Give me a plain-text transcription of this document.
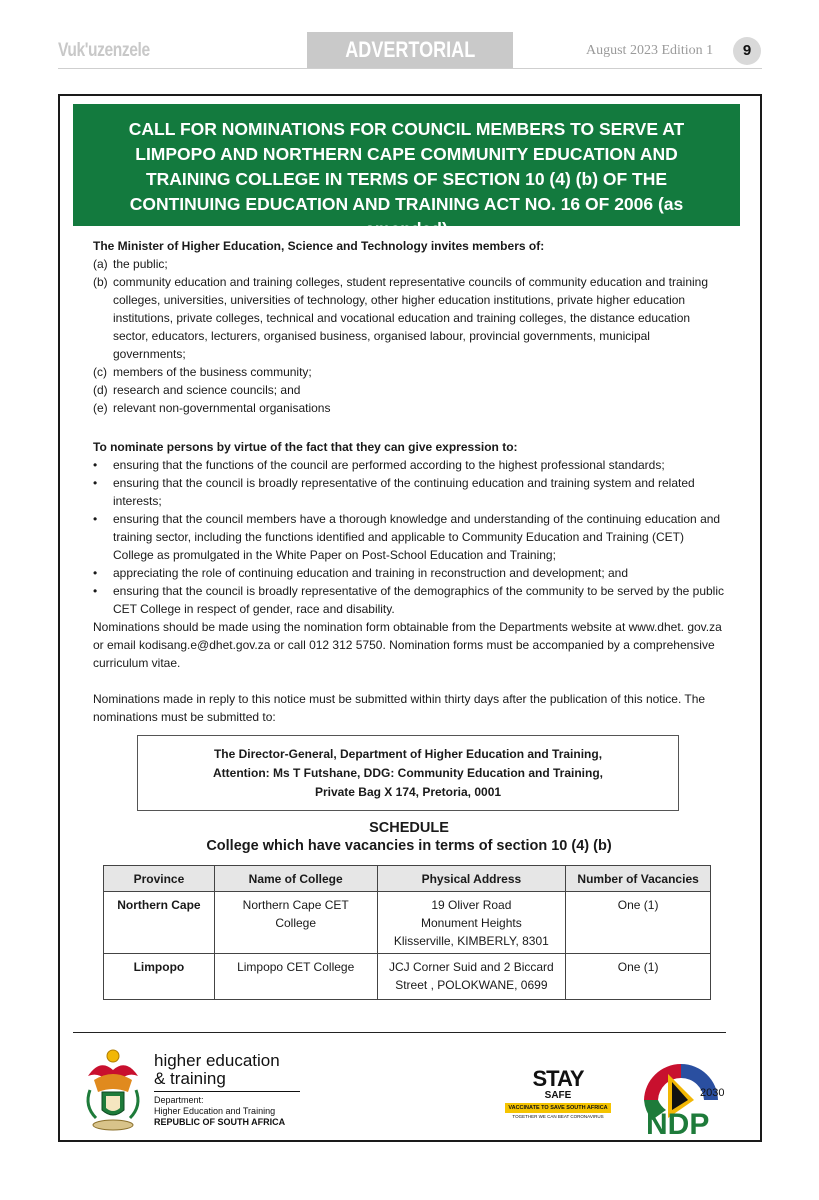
Vuk'uzenzele	ADVERTORIAL	August 2023 Edition 1	9
CALL FOR NOMINATIONS FOR COUNCIL MEMBERS TO SERVE AT LIMPOPO AND NORTHERN CAPE COMMUNITY EDUCATION AND TRAINING COLLEGE IN TERMS OF SECTION 10 (4) (b) OF THE CONTINUING EDUCATION AND TRAINING ACT NO. 16 OF 2006 (as amended)

The Minister of Higher Education, Science and Technology invites members of:

(a) the public;
(b) community education and training colleges, student representative councils of community education and training colleges, universities, universities of technology, other higher education institutions, private higher education institutions, private colleges, technical and vocational education and training colleges, the distance education sector, educators, lecturers, organised business, organised labour, provincial governments, municipal governments;
(c) members of the business community;
(d) research and science councils; and
(e) relevant non-governmental organisations

To nominate persons by virtue of the fact that they can give expression to:

• ensuring that the functions of the council are performed according to the highest professional standards;
• ensuring that the council is broadly representative of the continuing education and training system and related interests;
• ensuring that the council members have a thorough knowledge and understanding of the continuing education and training sector, including the functions identified and applicable to Community Education and Training (CET) College as promulgated in the White Paper on Post-School Education and Training;
• appreciating the role of continuing education and training in reconstruction and development; and
• ensuring that the council is broadly representative of the demographics of the community to be served by the public CET College in respect of gender, race and disability.

Nominations should be made using the nomination form obtainable from the Departments website at www.dhet. gov.za or email kodisang.e@dhet.gov.za or call 012 312 5750. Nomination forms must be accompanied by a comprehensive curriculum vitae.

Nominations made in reply to this notice must be submitted within thirty days after the publication of this notice. The nominations must be submitted to:

The Director-General, Department of Higher Education and Training,
Attention: Ms T Futshane, DDG: Community Education and Training,
Private Bag X 174, Pretoria, 0001
SCHEDULE
College which have vacancies in terms of section 10 (4) (b)
Province	Name of College	Physical Address	Number of Vacancies
Northern Cape	Northern Cape CET College	19 Oliver Road
Monument Heights
Klisserville, KIMBERLY, 8301	One (1)
Limpopo	Limpopo CET College	JCJ Corner Suid and 2 Biccard
Street , POLOKWANE, 0699	One (1)
higher education
& training
Department:
Higher Education and Training
REPUBLIC OF SOUTH AFRICA
STAY
SAFE
VACCINATE TO SAVE SOUTH AFRICA
TOGETHER WE CAN BEAT CORONAVIRUS
2030
NDP
